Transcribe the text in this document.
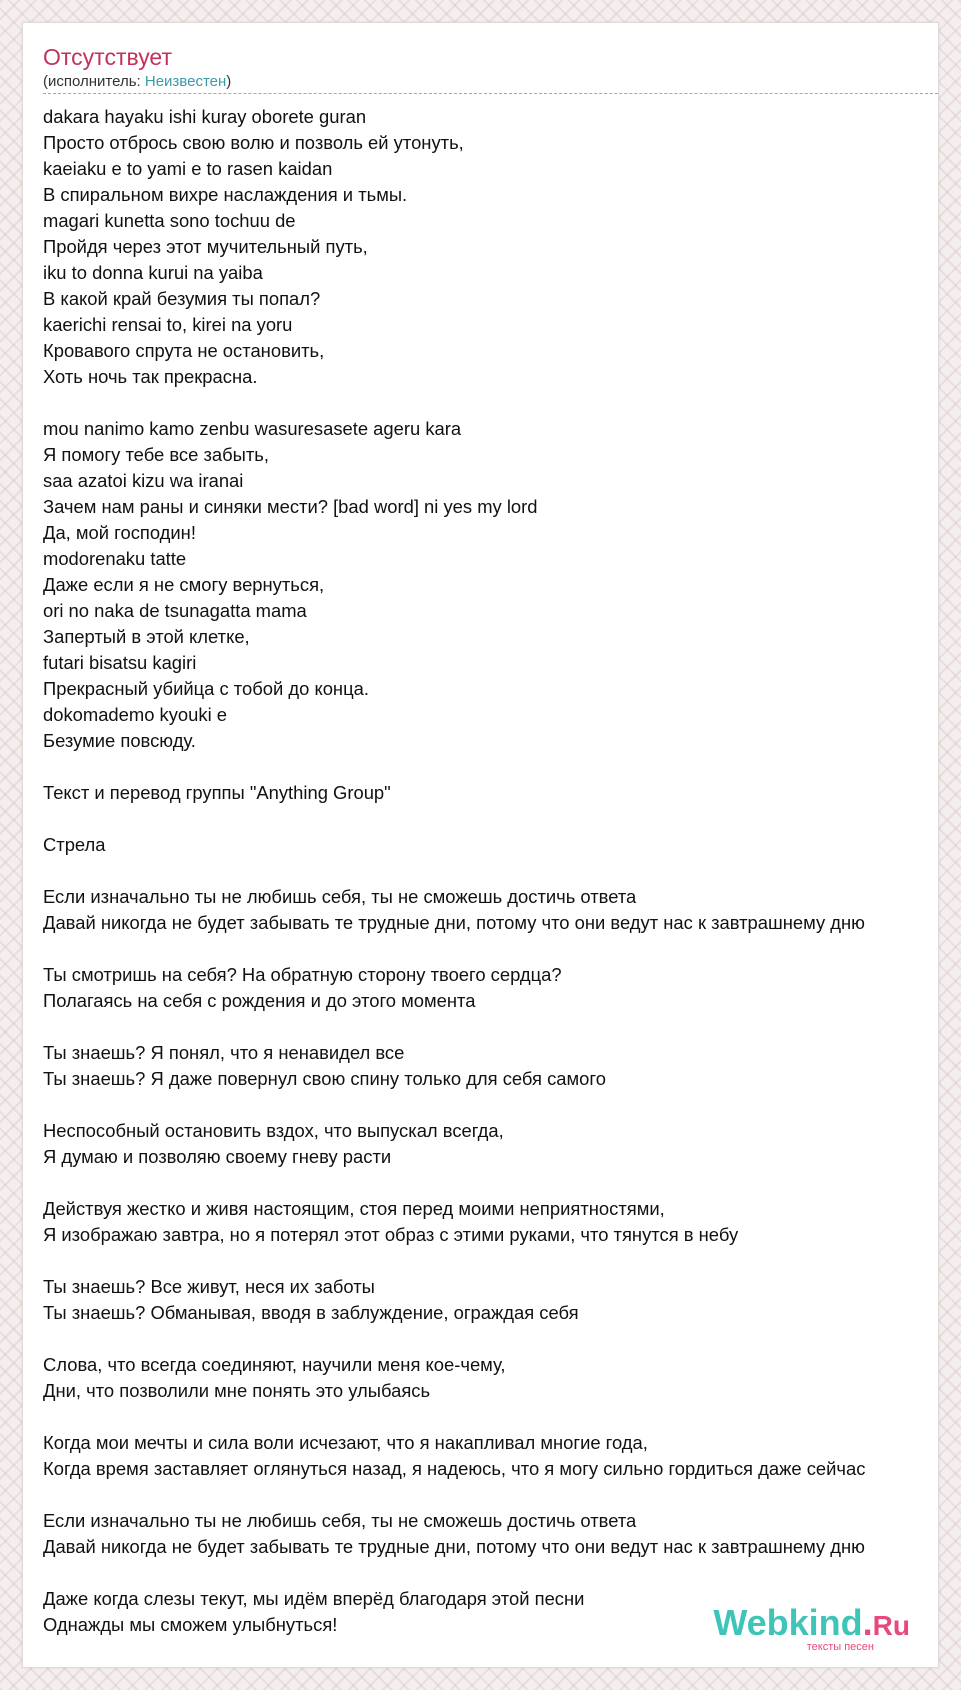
Отсутствует
(исполнитель: Неизвестен)
dakara hayaku ishi kuray oborete guran
Просто отбрось свою волю и позволь ей утонуть,
kaeiaku e to yami e to rasen kaidan
В спиральном вихре наслаждения и тьмы.
magari kunetta sono tochuu de
Пройдя через этот мучительный путь,
iku to donna kurui na yaiba
В какой край безумия ты попал?
kaerichi rensai to, kirei na yoru
Кровавого спрута не остановить,
Хоть ночь так прекрасна.
mou nanimo kamo zenbu wasuresasete ageru kara
Я помогу тебе все забыть,
saa azatoi kizu wa iranai
Зачем нам раны и синяки мести? [bad word] ni yes my lord
Да, мой господин!
modorenaku tatte
Даже если я не смогу вернуться,
ori no naka de tsunagatta mama
Запертый в этой клетке,
futari bisatsu kagiri
Прекрасный убийца с тобой до конца.
dokomademo kyouki e
Безумие повсюду.
Текст и перевод группы "Anything Group"
Стрела
Если изначально ты не любишь себя, ты не сможешь достичь ответа
Давай никогда не будет забывать те трудные дни, потому что они ведут нас к завтрашнему дню
Ты смотришь на себя? На обратную сторону твоего сердца?
Полагаясь на себя с рождения и до этого момента
Ты знаешь? Я понял, что я ненавидел все
Ты знаешь? Я даже повернул свою спину только для себя самого
Неспособный остановить вздох, что выпускал всегда,
Я думаю и позволяю своему гневу расти
Действуя жестко и живя настоящим, стоя перед моими неприятностями,
Я изображаю завтра, но я потерял этот образ с этими руками, что тянутся в небу
Ты знаешь? Все живут, неся их заботы
Ты знаешь? Обманывая, вводя в заблуждение, ограждая себя
Слова, что всегда соединяют, научили меня кое-чему,
Дни, что позволили мне понять это улыбаясь
Когда мои мечты и сила воли исчезают, что я накапливал многие года,
Когда время заставляет оглянуться назад, я надеюсь, что я могу сильно гордиться даже сейчас
Если изначально ты не любишь себя, ты не сможешь достичь ответа
Давай никогда не будет забывать те трудные дни, потому что они ведут нас к завтрашнему дню
Даже когда слезы текут, мы идём вперёд благодаря этой песни
Однажды мы сможем улыбнуться!	Webkind.Ru
тексты песен
